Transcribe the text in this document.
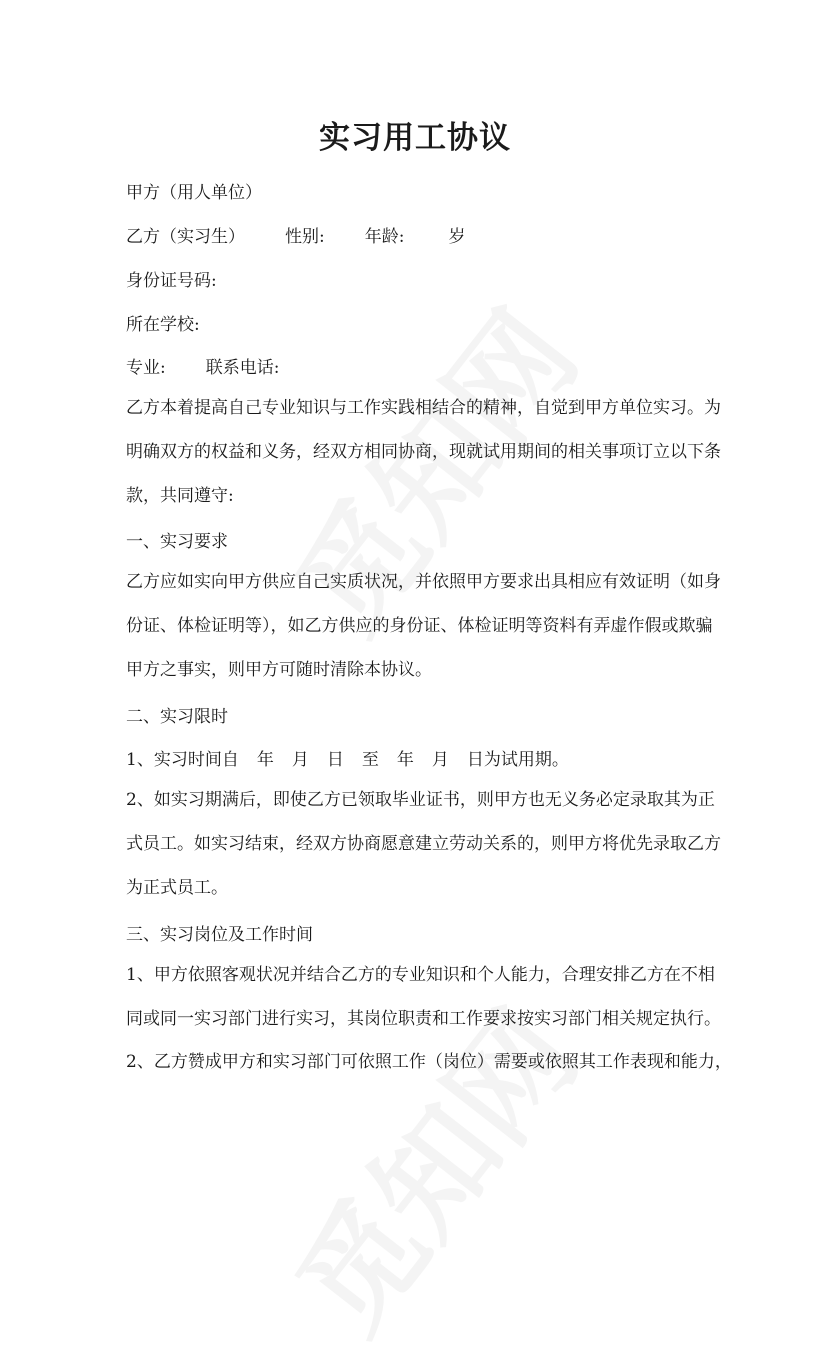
实习用工协议
甲方（用人单位）
乙方（实习生） 性别: 年龄:	岁
身份证号码:
所在学校:
专业: 联系电话:
乙方本着提高自己专业知识与工作实践相结合的精神，自觉到甲方单位实习。为
明确双方的权益和义务，经双方相同协商，现就试用期间的相关事项订立以下条
款，共同遵守:
一、实习要求
乙方应如实向甲方供应自己实质状况，并依照甲方要求出具相应有效证明（如身
份证、体检证明等），如乙方供应的身份证、体检证明等资料有弄虚作假或欺骗
甲方之事实，则甲方可随时清除本协议。
二、实习限时
1、实习时间自 年 月 日 至 年 月 日为试用期。
2、如实习期满后，即使乙方已领取毕业证书，则甲方也无义务必定录取其为正
式员工。如实习结束，经双方协商愿意建立劳动关系的，则甲方将优先录取乙方
为正式员工。
三、实习岗位及工作时间
1、甲方依照客观状况并结合乙方的专业知识和个人能力，合理安排乙方在不相
同或同一实习部门进行实习，其岗位职责和工作要求按实习部门相关规定执行。
2、乙方赞成甲方和实习部门可依照工作（岗位）需要或依照其工作表现和能力，
